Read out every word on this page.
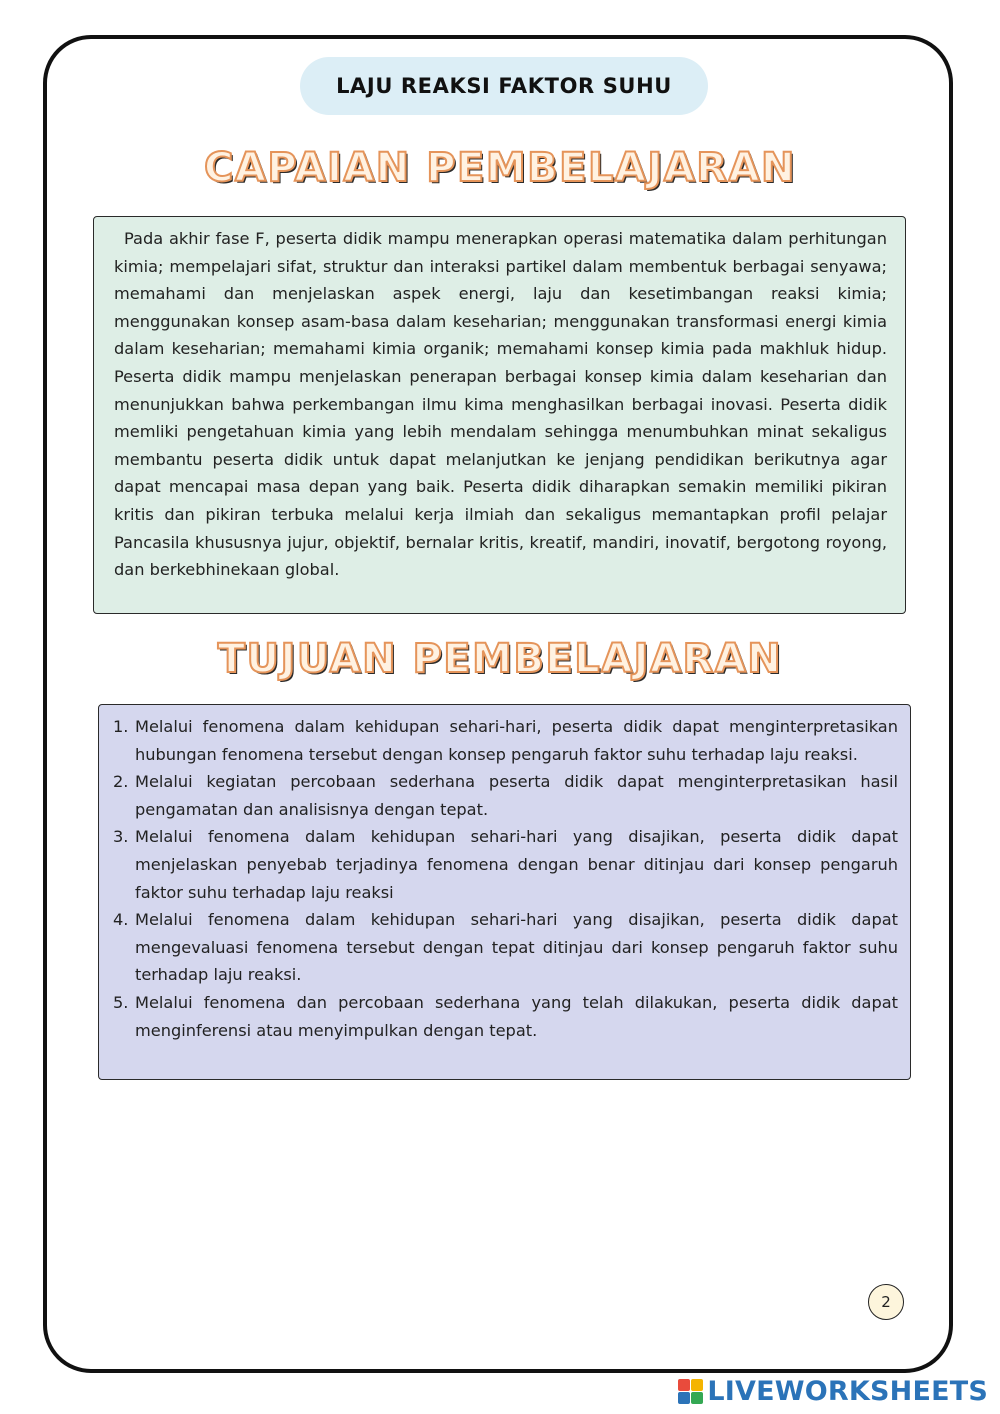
LAJU REAKSI FAKTOR SUHU
CAPAIAN PEMBELAJARAN

Pada akhir fase F, peserta didik mampu menerapkan operasi matematika dalam perhitungan kimia; mempelajari sifat, struktur dan interaksi partikel dalam membentuk berbagai senyawa; memahami dan menjelaskan aspek energi, laju dan kesetimbangan reaksi kimia; menggunakan konsep asam-basa dalam keseharian; menggunakan transformasi energi kimia dalam keseharian; memahami kimia organik; memahami konsep kimia pada makhluk hidup. Peserta didik mampu menjelaskan penerapan berbagai konsep kimia dalam keseharian dan menunjukkan bahwa perkembangan ilmu kima menghasilkan berbagai inovasi. Peserta didik memliki pengetahuan kimia yang lebih mendalam sehingga menumbuhkan minat sekaligus membantu peserta didik untuk dapat melanjutkan ke jenjang pendidikan berikutnya agar dapat mencapai masa depan yang baik. Peserta didik diharapkan semakin memiliki pikiran kritis dan pikiran terbuka melalui kerja ilmiah dan sekaligus memantapkan profil pelajar Pancasila khususnya jujur, objektif, bernalar kritis, kreatif, mandiri, inovatif, bergotong royong, dan berkebhinekaan global.

TUJUAN PEMBELAJARAN
1. Melalui fenomena dalam kehidupan sehari-hari, peserta didik dapat menginterpretasikan hubungan fenomena tersebut dengan konsep pengaruh faktor suhu terhadap laju reaksi.
2. Melalui kegiatan percobaan sederhana peserta didik dapat menginterpretasikan hasil pengamatan dan analisisnya dengan tepat.
3. Melalui fenomena dalam kehidupan sehari-hari yang disajikan, peserta didik dapat menjelaskan penyebab terjadinya fenomena dengan benar ditinjau dari konsep pengaruh faktor suhu terhadap laju reaksi
4. Melalui fenomena dalam kehidupan sehari-hari yang disajikan, peserta didik dapat mengevaluasi fenomena tersebut dengan tepat ditinjau dari konsep pengaruh faktor suhu terhadap laju reaksi.
5. Melalui fenomena dan percobaan sederhana yang telah dilakukan, peserta didik dapat menginferensi atau menyimpulkan dengan tepat.
2
LIVEWORKSHEETS
